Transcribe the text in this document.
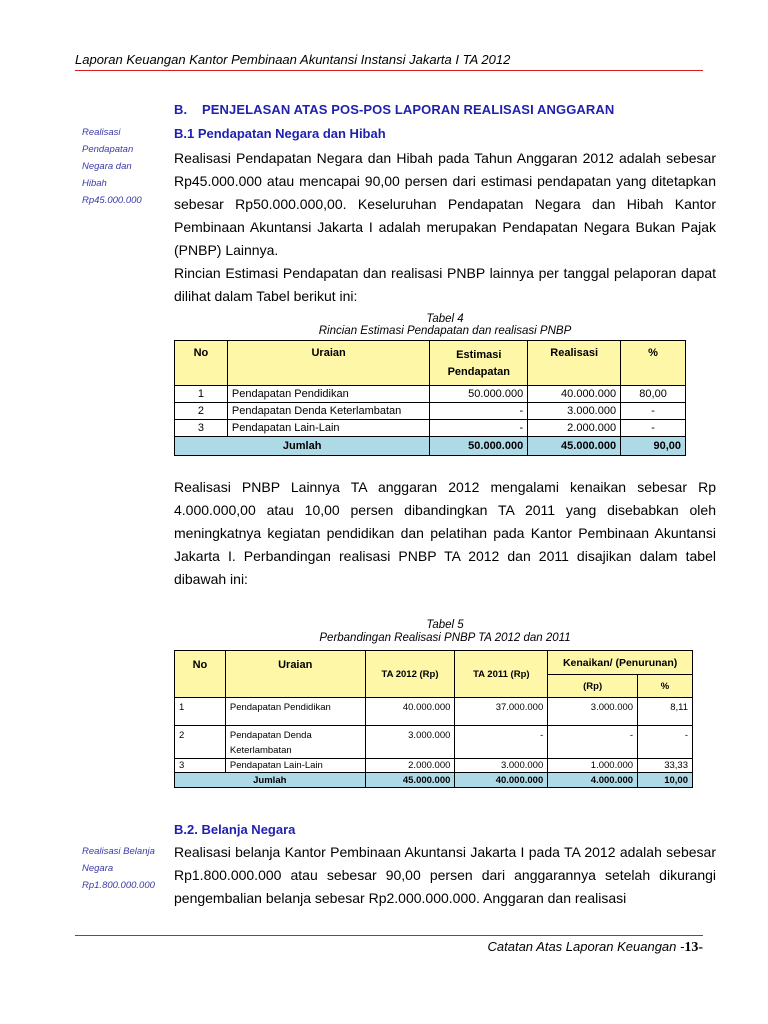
Laporan Keuangan Kantor Pembinaan Akuntansi Instansi Jakarta I TA 2012
B. PENJELASAN ATAS POS-POS LAPORAN REALISASI ANGGARAN
B.1 Pendapatan Negara dan Hibah
Realisasi
Pendapatan
Negara dan
Hibah
Rp45.000.000

Realisasi Pendapatan Negara dan Hibah pada Tahun Anggaran 2012 adalah sebesar Rp45.000.000 atau mencapai 90,00 persen dari estimasi pendapatan yang ditetapkan sebesar Rp50.000.000,00. Keseluruhan Pendapatan Negara dan Hibah Kantor Pembinaan Akuntansi Jakarta I adalah merupakan Pendapatan Negara Bukan Pajak (PNBP) Lainnya.

Rincian Estimasi Pendapatan dan realisasi PNBP lainnya per tanggal pelaporan dapat dilihat dalam Tabel berikut ini:

Tabel 4
Rincian Estimasi Pendapatan dan realisasi PNBP
No	Uraian	Estimasi Pendapatan	Realisasi	%
1	Pendapatan Pendidikan	50.000.000	40.000.000	80,00
2	Pendapatan Denda Keterlambatan	-	3.000.000	-
3	Pendapatan Lain-Lain	-	2.000.000	-
Jumlah		50.000.000	45.000.000	90,00
Realisasi PNBP Lainnya TA anggaran 2012 mengalami kenaikan sebesar Rp 4.000.000,00 atau 10,00 persen dibandingkan TA 2011 yang disebabkan oleh meningkatnya kegiatan pendidikan dan pelatihan pada Kantor Pembinaan Akuntansi Jakarta I. Perbandingan realisasi PNBP TA 2012 dan 2011 disajikan dalam tabel dibawah ini:
Tabel 5
Perbandingan Realisasi PNBP TA 2012 dan 2011
No	Uraian	TA 2012 (Rp)	TA 2011 (Rp)	Kenaikan/ (Penurunan)	
				(Rp)	%
1	Pendapatan Pendidikan	40.000.000	37.000.000	3.000.000	8,11
2	Pendapatan Denda Keterlambatan	3.000.000	-	-	-
3	Pendapatan Lain-Lain	2.000.000	3.000.000	1.000.000	33,33
Jumlah		45.000.000	40.000.000	4.000.000	10,00
B.2. Belanja Negara
Realisasi Belanja
Negara
Rp1.800.000.000
Realisasi belanja Kantor Pembinaan Akuntansi Jakarta I pada TA 2012 adalah sebesar Rp1.800.000.000 atau sebesar 90,00 persen dari anggarannya setelah dikurangi pengembalian belanja sebesar Rp2.000.000.000. Anggaran dan realisasi
Catatan Atas Laporan Keuangan -13-
